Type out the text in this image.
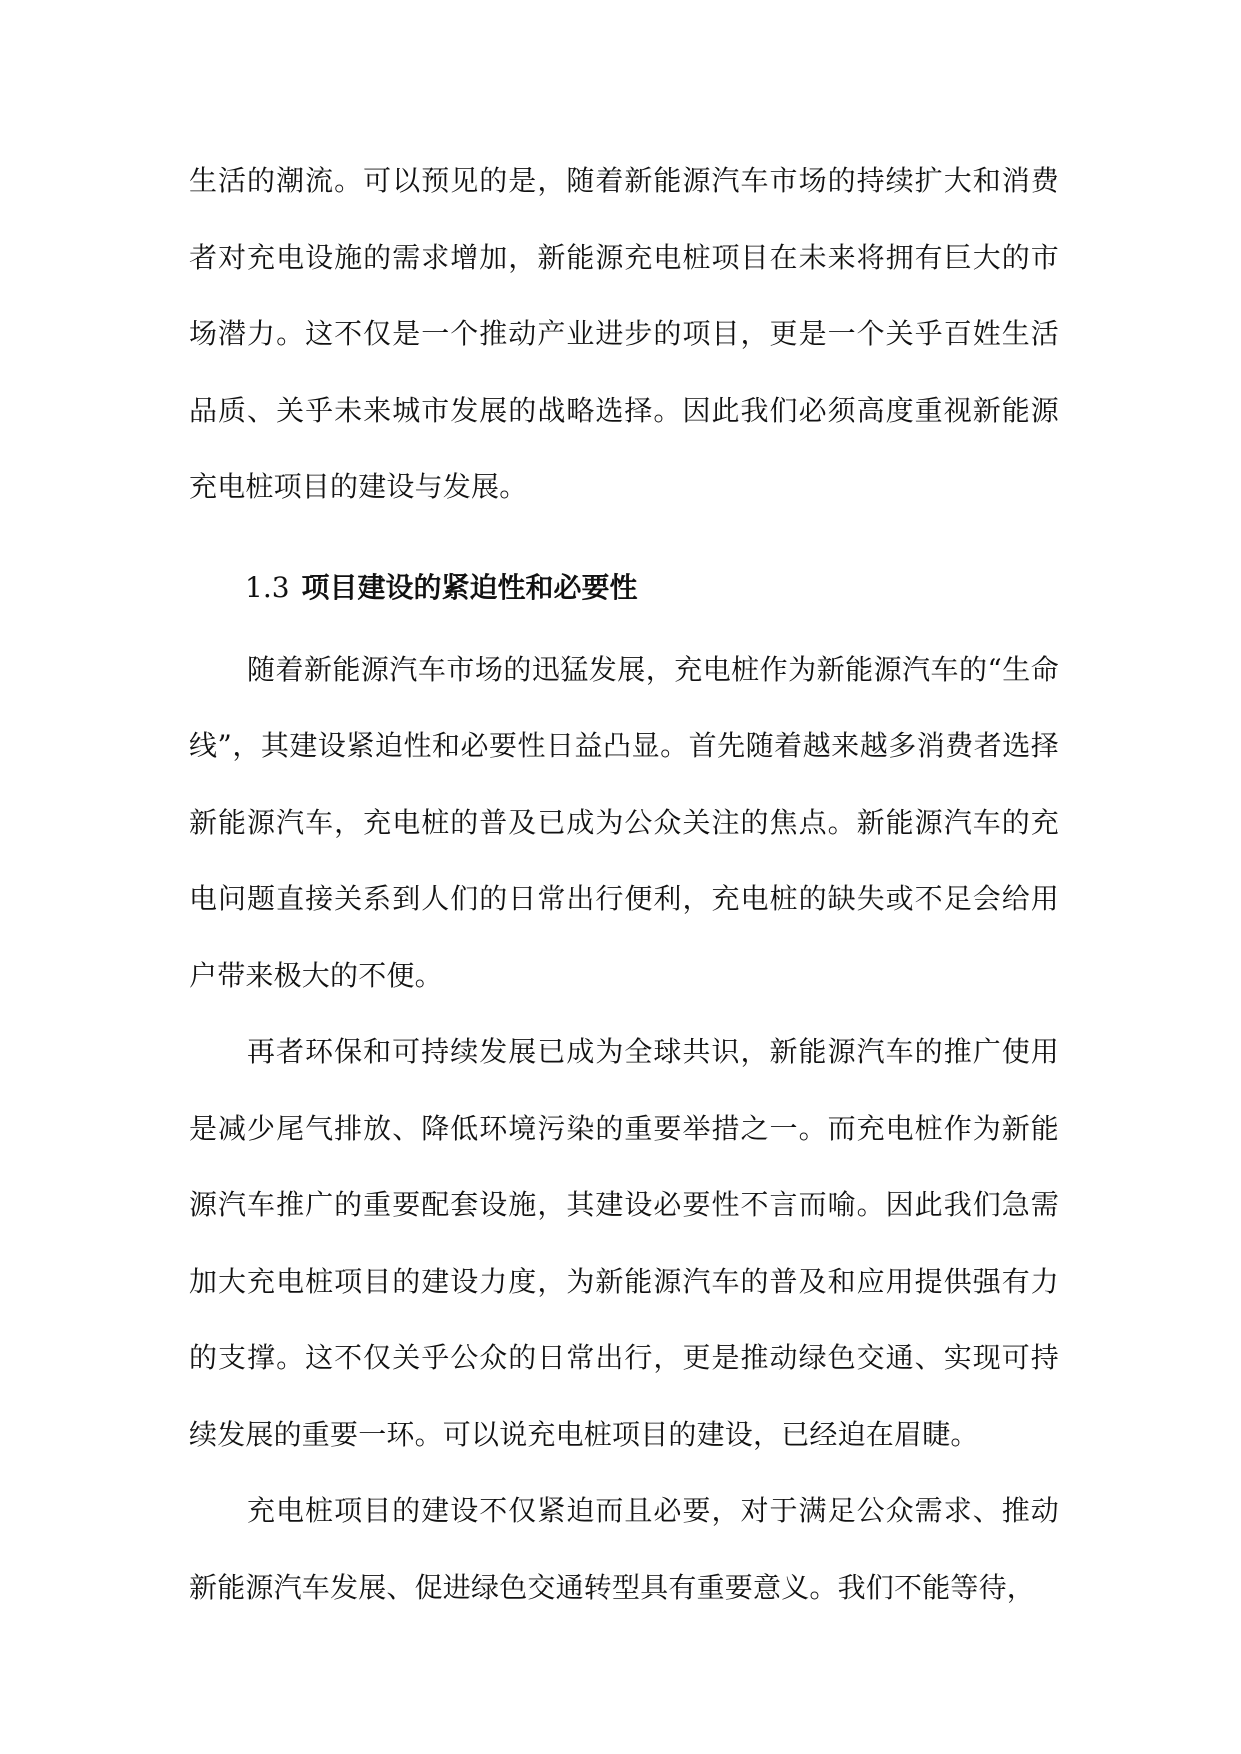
生活的潮流。可以预见的是，随着新能源汽车市场的持续扩大和消费者对充电设施的需求增加，新能源充电桩项目在未来将拥有巨大的市场潜力。这不仅是一个推动产业进步的项目，更是一个关乎百姓生活品质、关乎未来城市发展的战略选择。因此我们必须高度重视新能源充电桩项目的建设与发展。

1.3 项目建设的紧迫性和必要性

随着新能源汽车市场的迅猛发展，充电桩作为新能源汽车的“生命线”，其建设紧迫性和必要性日益凸显。首先随着越来越多消费者选择新能源汽车，充电桩的普及已成为公众关注的焦点。新能源汽车的充电问题直接关系到人们的日常出行便利，充电桩的缺失或不足会给用户带来极大的不便。

再者环保和可持续发展已成为全球共识，新能源汽车的推广使用是减少尾气排放、降低环境污染的重要举措之一。而充电桩作为新能源汽车推广的重要配套设施，其建设必要性不言而喻。因此我们急需加大充电桩项目的建设力度，为新能源汽车的普及和应用提供强有力的支撑。这不仅关乎公众的日常出行，更是推动绿色交通、实现可持续发展的重要一环。可以说充电桩项目的建设，已经迫在眉睫。

充电桩项目的建设不仅紧迫而且必要，对于满足公众需求、推动新能源汽车发展、促进绿色交通转型具有重要意义。我们不能等待，
